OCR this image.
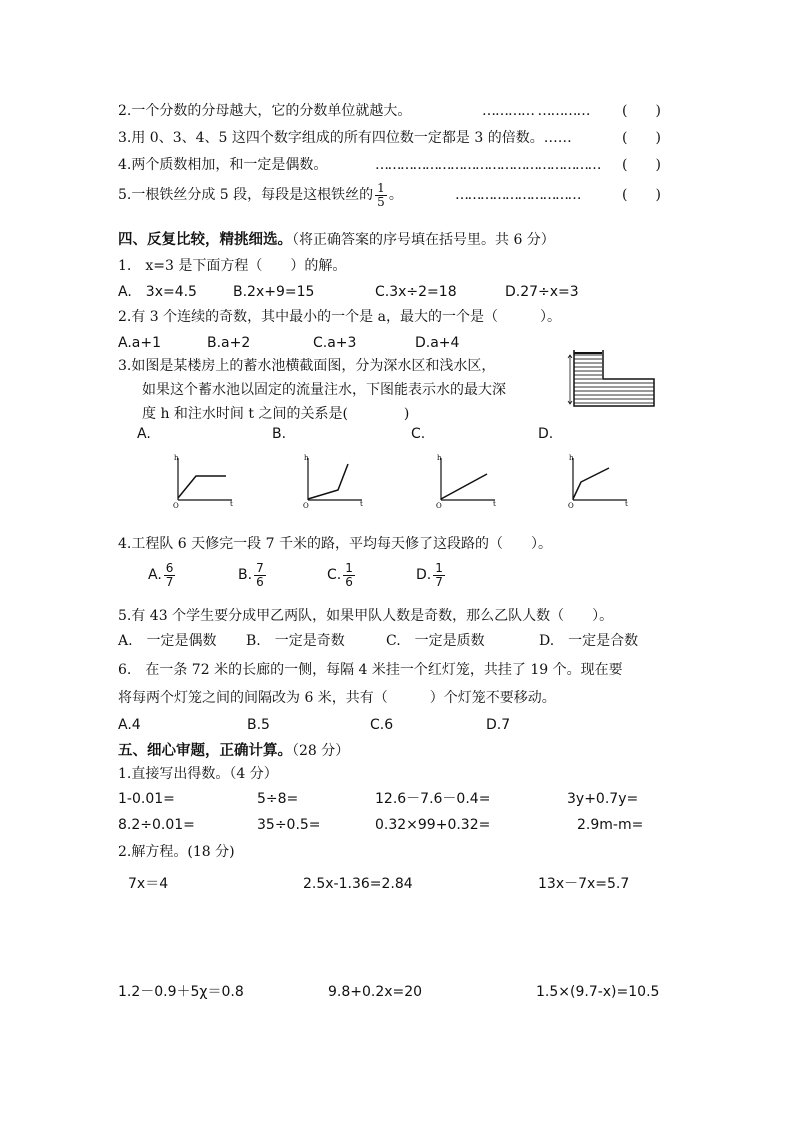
2.一个分数的分母越大，它的分数单位就越大。	………… ………… (　　)
3.用 0、3、4、5 这四个数字组成的所有四位数一定都是 3 的倍数。……	(　　)
4.两个质数相加，和一定是偶数。	……………………………………………… (　　)
5.一根铁丝分成 5 段，每段是这根铁丝的 $\frac{1}{5}$ 。	…………………………	(　　)
四、反复比较，精挑细选。（将正确答案的序号填在括号里。共 6 分）
1.　x=3 是下面方程（　　）的解。
A.　3x=4.5	B.2x+9=15	C.3x÷2=18	D.27÷x=3
2.有 3 个连续的奇数，其中最小的一个是 a，最大的一个是（　　　）。
A.a+1	B.a+2	C.a+3	D.a+4
3.如图是某楼房上的蓄水池横截面图，分为深水区和浅水区，
如果这个蓄水池以固定的流量注水，下图能表示水的最大深
度 h 和注水时间 t 之间的关系是(　　　　)
A.	B.	C.	D.
h
O	t
h
O	t
h
O	t
h
O	t
4.工程队 6 天修完一段 7 千米的路，平均每天修了这段路的（　　）。
A. $\frac{6}{7}$	B. $\frac{7}{6}$	C. $\frac{1}{6}$	D. $\frac{1}{7}$
5.有 43 个学生要分成甲乙两队，如果甲队人数是奇数，那么乙队人数（　　）。
A.　一定是偶数 B.　一定是奇数	C.　一定是质数	D.　一定是合数
6.　在一条 72 米的长廊的一侧，每隔 4 米挂一个红灯笼，共挂了 19 个。现在要
将每两个灯笼之间的间隔改为 6 米，共有（　　　）个灯笼不要移动。
A.4	B.5	C.6	D.7
五、细心审题，正确计算。（28 分）
1.直接写出得数。（4 分）
1-0.01=	5÷8=	12.6－7.6－0.4=	3y+0.7y=
8.2÷0.01=	35÷0.5=	0.32×99+0.32=	2.9m-m=
2.解方程。(18 分)
7x＝4	2.5x-1.36=2.84	13x－7x=5.7
1.2－0.9＋5χ＝0.8	9.8+0.2x=20	1.5×(9.7-x)=10.5
